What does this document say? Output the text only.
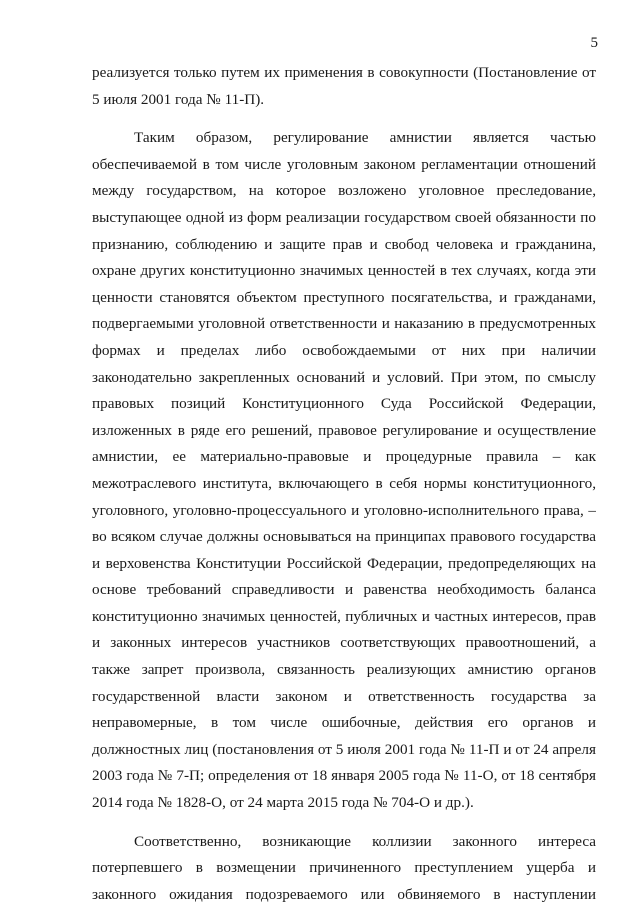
5
реализуется только путем их применения в совокупности (Постановление от
5 июля 2001 года № 11-П).
Таким образом, регулирование амнистии является частью
обеспечиваемой в том числе уголовным законом регламентации отношений
между государством, на которое возложено уголовное преследование,
выступающее одной из форм реализации государством своей обязанности по
признанию, соблюдению и защите прав и свобод человека и гражданина,
охране других конституционно значимых ценностей в тех случаях, когда эти
ценности становятся объектом преступного посягательства, и гражданами,
подвергаемыми уголовной ответственности и наказанию в предусмотренных
формах и пределах либо освобождаемыми от них при наличии
законодательно закрепленных оснований и условий. При этом, по смыслу
правовых позиций Конституционного Суда Российской Федерации,
изложенных в ряде его решений, правовое регулирование и осуществление
амнистии, ее материально-правовые и процедурные правила – как
межотраслевого института, включающего в себя нормы конституционного,
уголовного, уголовно-процессуального и уголовно-исполнительного права, –
во всяком случае должны основываться на принципах правового государства
и верховенства Конституции Российской Федерации, предопределяющих на
основе требований справедливости и равенства необходимость баланса
конституционно значимых ценностей, публичных и частных интересов, прав
и законных интересов участников соответствующих правоотношений, а
также запрет произвола, связанность реализующих амнистию органов
государственной власти законом и ответственность государства за
неправомерные, в том числе ошибочные, действия его органов и
должностных лиц (постановления от 5 июля 2001 года № 11-П и от 24 апреля
2003 года № 7-П; определения от 18 января 2005 года № 11-О, от 18 сентября
2014 года № 1828-О, от 24 марта 2015 года № 704-О и др.).
Соответственно, возникающие коллизии законного интереса
потерпевшего в возмещении причиненного преступлением ущерба и
законного ожидания подозреваемого или обвиняемого в наступлении
